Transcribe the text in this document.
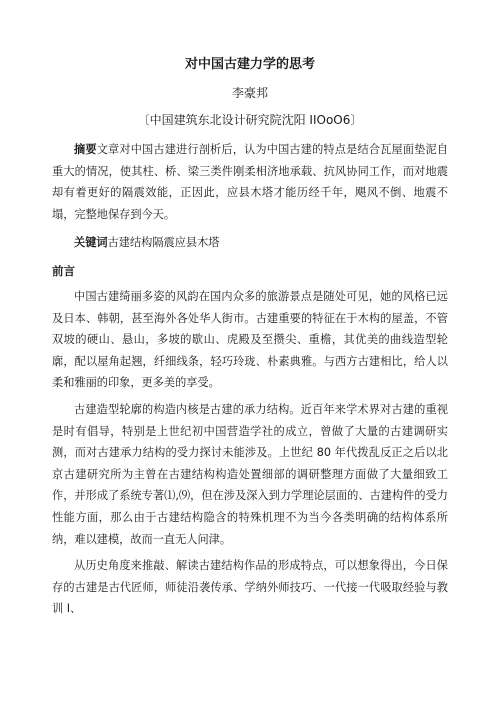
对中国古建力学的思考
李豪邦
〔中国建筑东北设计研究院沈阳 IIOoO6〕

摘要文章对中国古建进行剖析后，认为中国古建的特点是结合瓦屋面垫泥自重大的情况，使其柱、桥、梁三类件刚柔相济地承载、抗风协同工作，而对地震却有着更好的隔震效能，正因此，应县木塔才能历经千年，飓风不倒、地震不塌，完整地保存到今天。

关键词古建结构隔震应县木塔

前言

中国古建绮丽多姿的风韵在国内众多的旅游景点是随处可见，她的风格已远及日本、韩朝，甚至海外各处华人街市。古建重要的特征在于木构的屋盖，不管双坡的硬山、悬山，多坡的歇山、虎殿及至攒尖、重檐，其优美的曲线造型轮廓，配以屋角起翘，纤细线条，轻巧玲珑、朴素典雅。与西方古建相比，给人以柔和雅丽的印象，更多美的享受。

古建造型轮廓的构造内核是古建的承力结构。近百年来学术界对古建的重视是时有倡导，特别是上世纪初中国营造学社的成立，曾做了大量的古建调研实测，而对古建承力结构的受力探讨未能涉及。上世纪 80 年代拨乱反正之后以北京古建研究所为主曾在古建结构构造处置细部的调研整理方面做了大量细致工作，并形成了系统专著⑴,⑼，但在涉及深入到力学理论层面的、古建构件的受力性能方面，那么由于古建结构隐含的特殊机理不为当今各类明确的结构体系所纳，难以建模，故而一直无人问津。

从历史角度来推敲、解读古建结构作品的形成特点，可以想象得出，今日保存的古建是古代匠师，师徒沿袭传承、学纳外师技巧、一代接一代吸取经验与教训 I、
